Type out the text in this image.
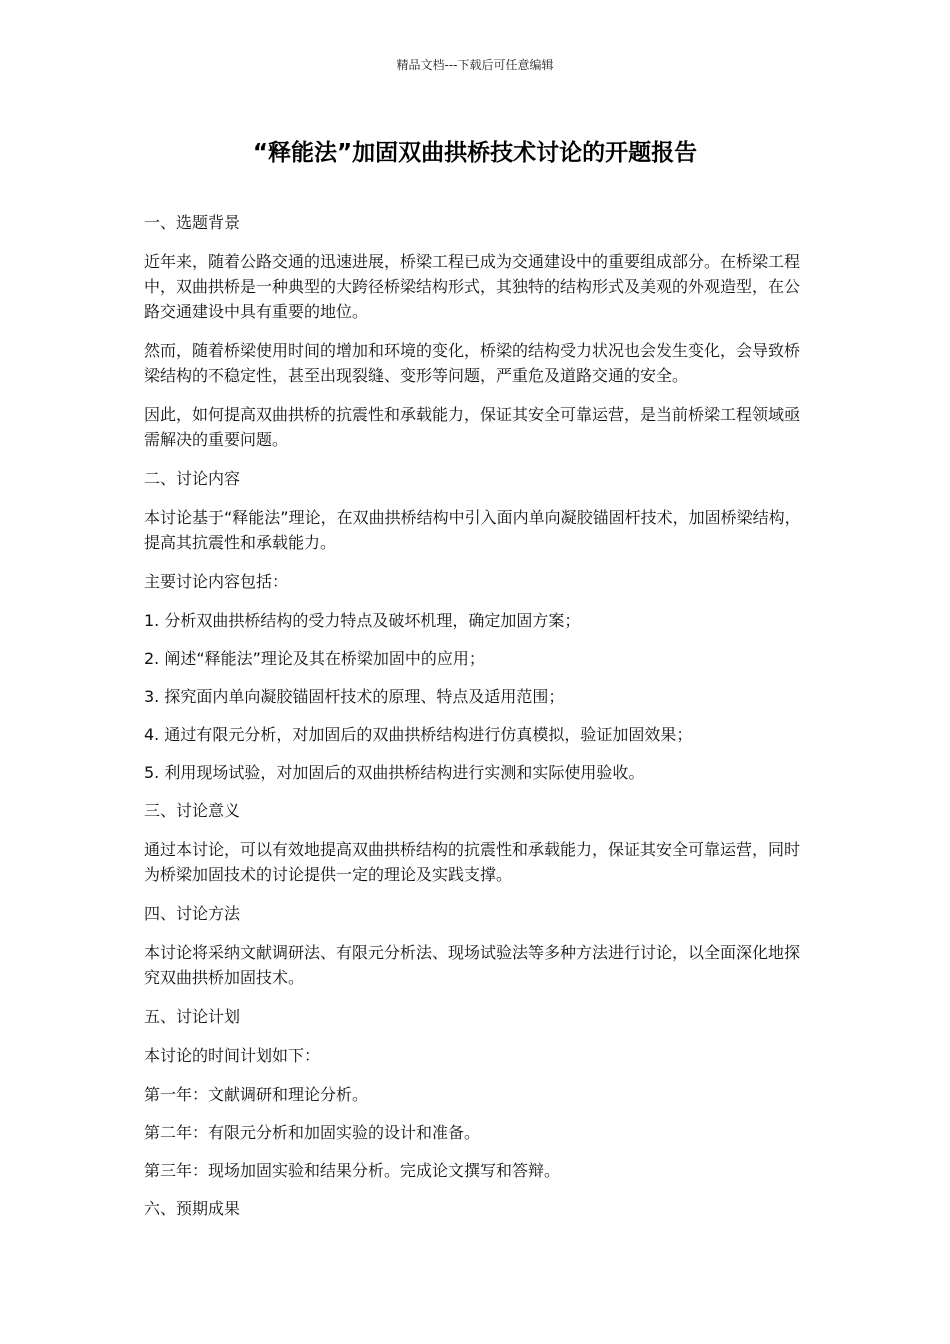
精品文档---下载后可任意编辑
“释能法”加固双曲拱桥技术讨论的开题报告

一、选题背景

近年来，随着公路交通的迅速进展，桥梁工程已成为交通建设中的重要组成部分。在桥梁工程中，双曲拱桥是一种典型的大跨径桥梁结构形式，其独特的结构形式及美观的外观造型，在公路交通建设中具有重要的地位。

然而，随着桥梁使用时间的增加和环境的变化，桥梁的结构受力状况也会发生变化，会导致桥梁结构的不稳定性，甚至出现裂缝、变形等问题，严重危及道路交通的安全。

因此，如何提高双曲拱桥的抗震性和承载能力，保证其安全可靠运营，是当前桥梁工程领域亟需解决的重要问题。

二、讨论内容

本讨论基于“释能法”理论，在双曲拱桥结构中引入面内单向凝胶锚固杆技术，加固桥梁结构，提高其抗震性和承载能力。

主要讨论内容包括：

1. 分析双曲拱桥结构的受力特点及破坏机理，确定加固方案；

2. 阐述“释能法”理论及其在桥梁加固中的应用；

3. 探究面内单向凝胶锚固杆技术的原理、特点及适用范围；

4. 通过有限元分析，对加固后的双曲拱桥结构进行仿真模拟，验证加固效果；

5. 利用现场试验，对加固后的双曲拱桥结构进行实测和实际使用验收。

三、讨论意义

通过本讨论，可以有效地提高双曲拱桥结构的抗震性和承载能力，保证其安全可靠运营，同时为桥梁加固技术的讨论提供一定的理论及实践支撑。

四、讨论方法

本讨论将采纳文献调研法、有限元分析法、现场试验法等多种方法进行讨论，以全面深化地探究双曲拱桥加固技术。

五、讨论计划

本讨论的时间计划如下：

第一年：文献调研和理论分析。

第二年：有限元分析和加固实验的设计和准备。

第三年：现场加固实验和结果分析。完成论文撰写和答辩。

六、预期成果
